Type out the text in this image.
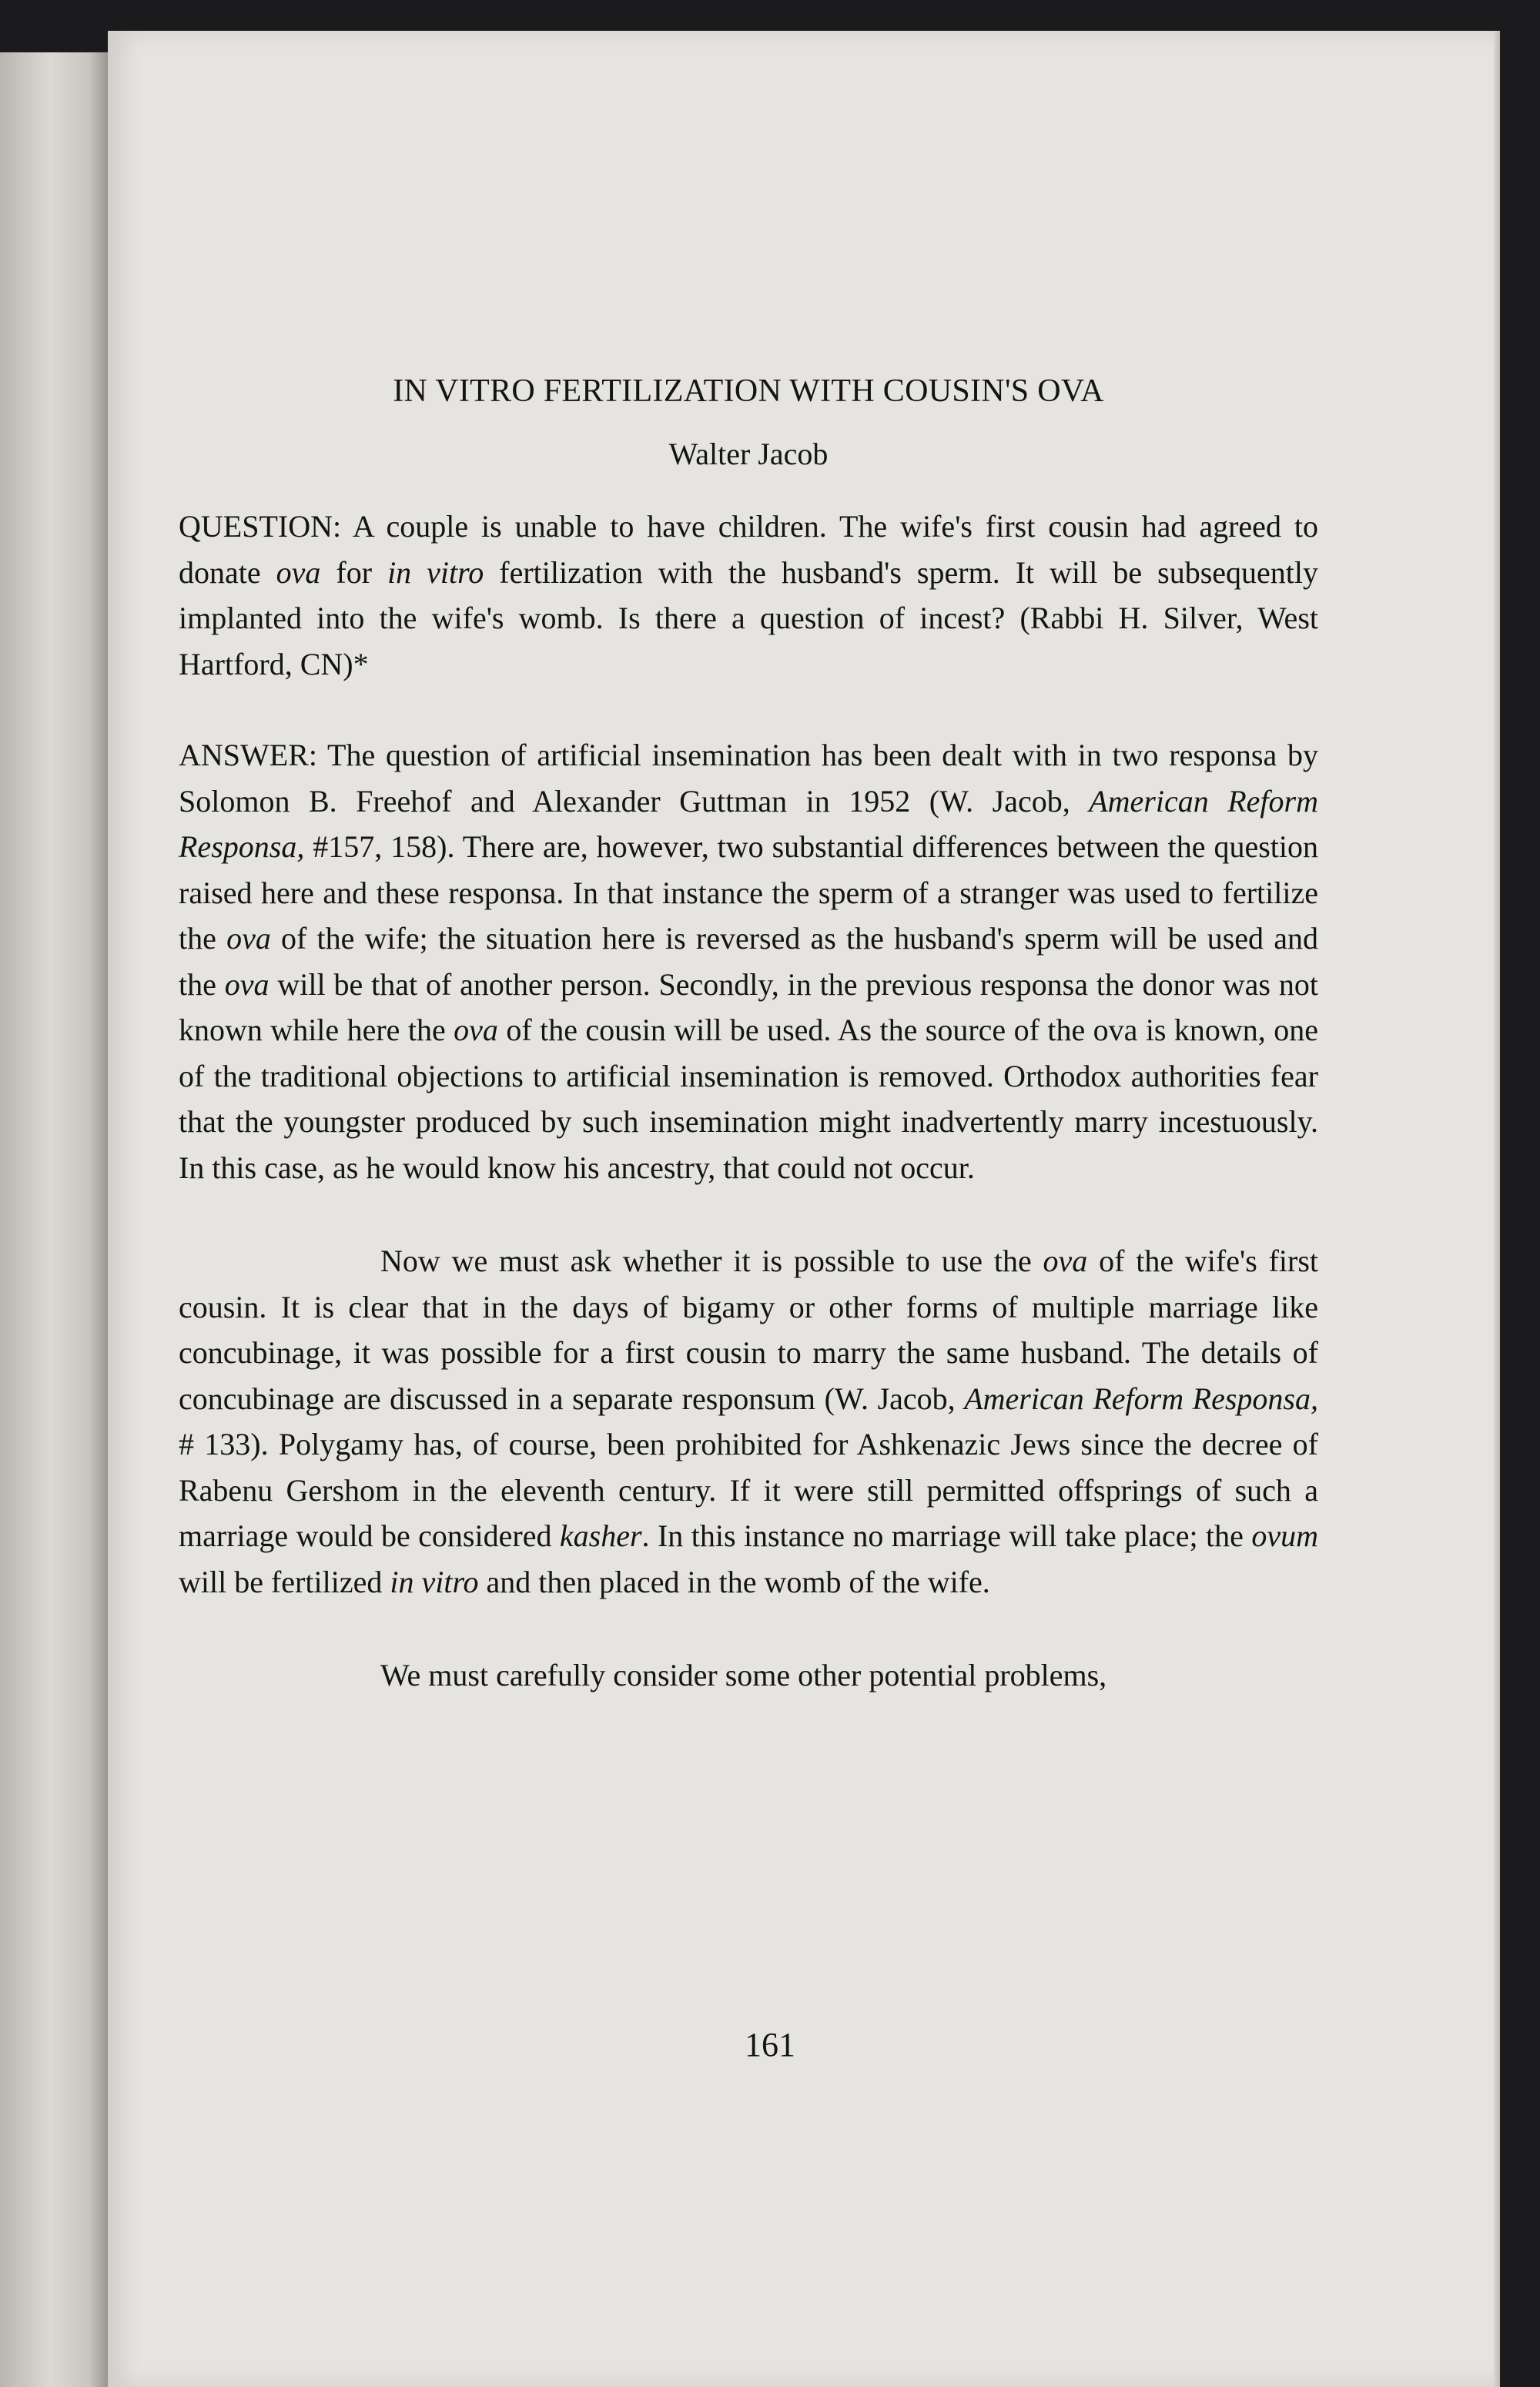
IN VITRO FERTILIZATION WITH COUSIN'S OVA
Walter Jacob

QUESTION: A couple is unable to have children. The wife's first cousin had agreed to donate ova for in vitro fertilization with the husband's sperm. It will be subsequently implanted into the wife's womb. Is there a question of incest? (Rabbi H. Silver, West Hartford, CN)*

ANSWER: The question of artificial insemination has been dealt with in two responsa by Solomon B. Freehof and Alexander Guttman in 1952 (W. Jacob, American Reform Responsa, #157, 158). There are, however, two substantial differences between the question raised here and these responsa. In that instance the sperm of a stranger was used to fertilize the ova of the wife; the situation here is reversed as the husband's sperm will be used and the ova will be that of another person. Secondly, in the previous responsa the donor was not known while here the ova of the cousin will be used. As the source of the ova is known, one of the traditional objections to artificial insemination is removed. Orthodox authorities fear that the youngster produced by such insemination might inadvertently marry incestuously. In this case, as he would know his ancestry, that could not occur.

Now we must ask whether it is possible to use the ova of the wife's first cousin. It is clear that in the days of bigamy or other forms of multiple marriage like concubinage, it was possible for a first cousin to marry the same husband. The details of concubinage are discussed in a separate responsum (W. Jacob, American Reform Responsa, # 133). Polygamy has, of course, been prohibited for Ashkenazic Jews since the decree of Rabenu Gershom in the eleventh century. If it were still permitted offsprings of such a marriage would be considered kasher. In this instance no marriage will take place; the ovum will be fertilized in vitro and then placed in the womb of the wife.

We must carefully consider some other potential problems,

161
